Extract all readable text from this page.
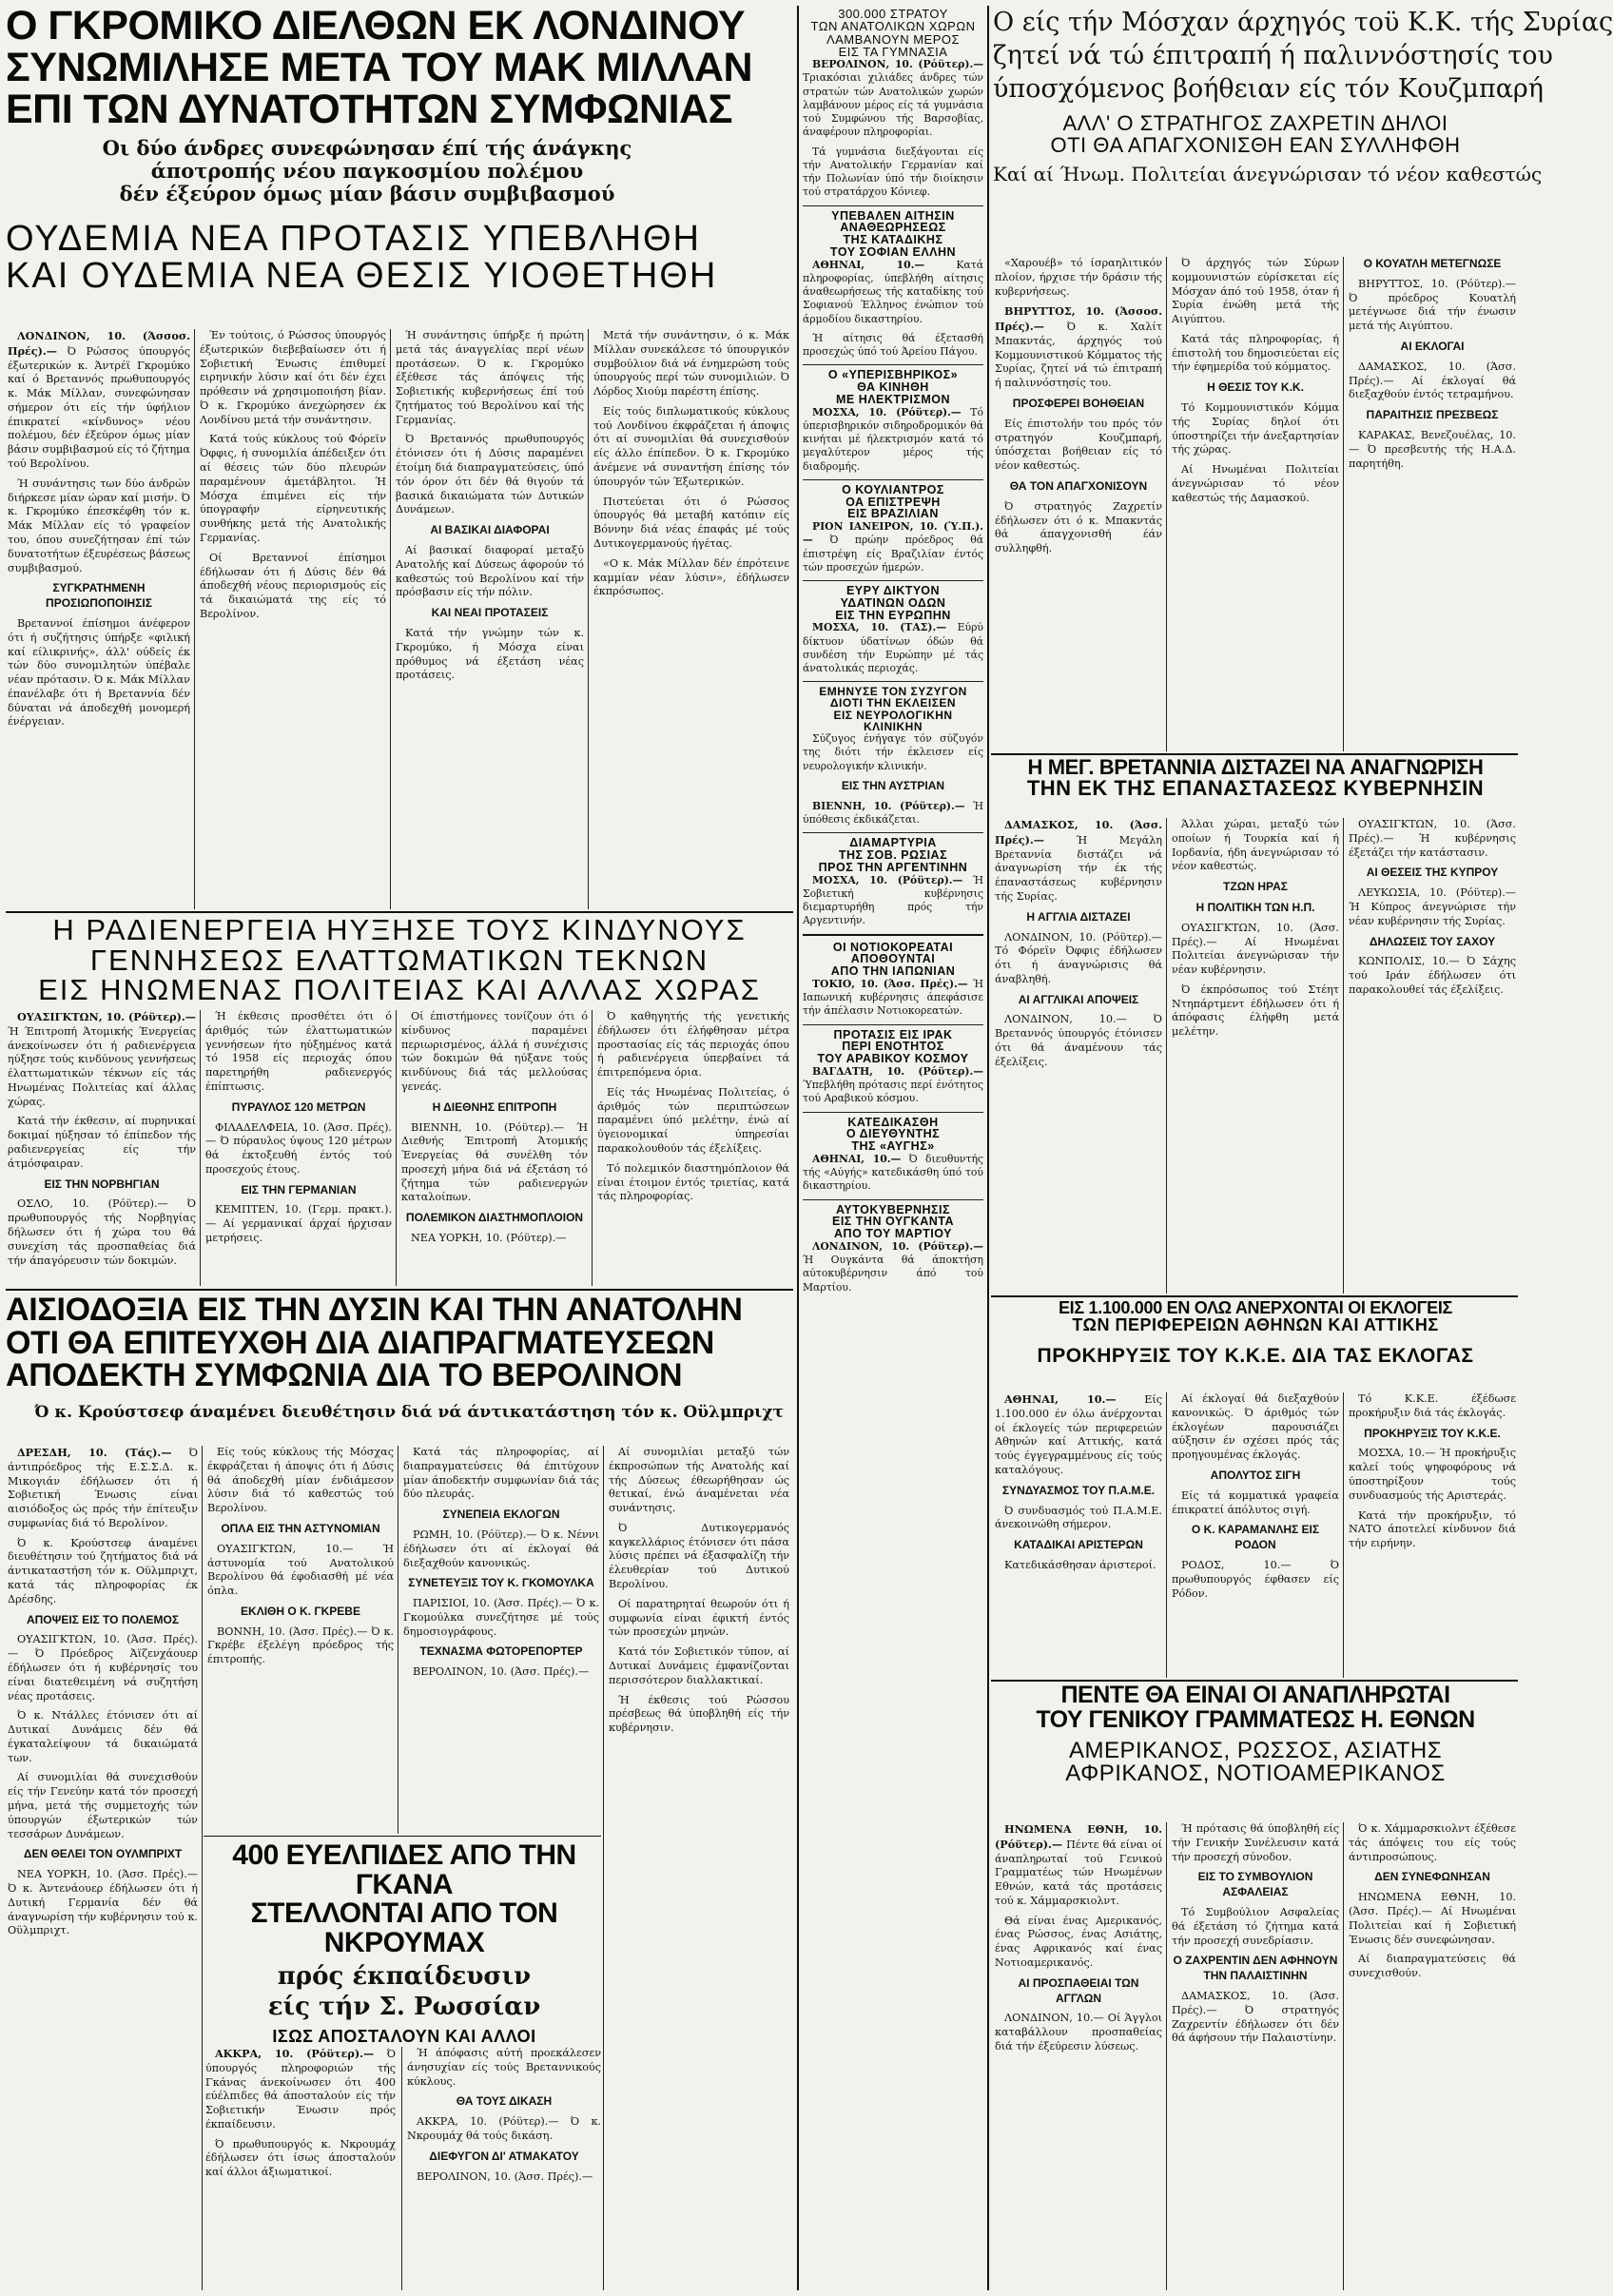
Ο ΓΚΡΟΜΙΚΟ ΔΙΕΛΘΩΝ ΕΚ ΛΟΝΔΙΝΟΥ
ΣΥΝΩΜΙΛΗΣΕ ΜΕΤΑ ΤΟΥ ΜΑΚ ΜΙΛΛΑΝ
ΕΠΙ ΤΩΝ ΔΥΝΑΤΟΤΗΤΩΝ ΣΥΜΦΩΝΙΑΣ

Οι δύο άνδρες συνεφώνησαν έπί τής άνάγκης

άποτροπής νέου παγκοσμίου πολέμου

δέν έξεύρον όμως μίαν βάσιν συμβιβασμού

ΟΥΔΕΜΙΑ ΝΕΑ ΠΡΟΤΑΣΙΣ ΥΠΕΒΛΗΘΗ
ΚΑΙ ΟΥΔΕΜΙΑ ΝΕΑ ΘΕΣΙΣ ΥΙΟΘΕΤΗΘΗ

ΛΟΝΔΙΝΟΝ, 10. (Άσσοσ. Πρές).— Ό Ρώσσος ύπουργός έξωτερικών κ. Άντρέϊ Γκρομύκο καί ό Βρεταννός πρωθυπουργός κ. Μάκ Μίλλαν, συνεφώνησαν σήμερον ότι είς τήν ύφήλιον έπικρατεί «κίνδυνος» νέου πολέμου, δέν έξεύρον όμως μίαν βάσιν συμβιβασμού είς τό ζήτημα τού Βερολίνου.

Ή συνάντησις των δύο άνδρών διήρκεσε μίαν ώραν καί μισήν. Ό κ. Γκρομύκο έπεσκέφθη τόν κ. Μάκ Μίλλαν είς τό γραφείον του, όπου συνεζήτησαν έπί τών δυνατοτήτων έξευρέσεως βάσεως συμβιβασμού.

ΣΥΓΚΡΑΤΗΜΕΝΗ ΠΡΟΣΙΩΠΟΠΟΙΗΣΙΣ

Βρεταννοί έπίσημοι άνέφερον ότι ή συζήτησις ύπήρξε «φιλική καί είλικρινής», άλλ' ούδείς έκ τών δύο συνομιλητών ύπέβαλε νέαν πρότασιν. Ό κ. Μάκ Μίλλαν έπανέλαβε ότι ή Βρεταννία δέν δύναται νά άποδεχθή μονομερή ένέργειαν.

Έν τούτοις, ό Ρώσσος ύπουργός έξωτερικών διεβεβαίωσεν ότι ή Σοβιετική Ένωσις έπιθυμεί ειρηνικήν λύσιν καί ότι δέν έχει πρόθεσιν νά χρησιμοποιήση βίαν. Ό κ. Γκρομύκο άνεχώρησεν έκ Λονδίνου μετά τήν συνάντησιν.

Κατά τούς κύκλους τού Φόρεϊν Όφφις, ή συνομιλία άπέδειξεν ότι αί θέσεις τών δύο πλευρών παραμένουν άμετάβλητοι. Ή Μόσχα έπιμένει είς τήν ύπογραφήν είρηνευτικής συνθήκης μετά τής Ανατολικής Γερμανίας.

Οί Βρεταννοί έπίσημοι έδήλωσαν ότι ή Δύσις δέν θά άποδεχθή νέους περιορισμούς είς τά δικαιώματά της είς τό Βερολίνον.

Ή συνάντησις ύπήρξε ή πρώτη μετά τάς άναγγελίας περί νέων προτάσεων. Ό κ. Γκρομύκο έξέθεσε τάς άπόψεις τής Σοβιετικής κυβερνήσεως έπί τού ζητήματος τού Βερολίνου καί τής Γερμανίας.

Ό Βρεταννός πρωθυπουργός έτόνισεν ότι ή Δύσις παραμένει έτοίμη διά διαπραγματεύσεις, ύπό τόν όρον ότι δέν θά θιγούν τά βασικά δικαιώματα τών Δυτικών Δυνάμεων.

ΑΙ ΒΑΣΙΚΑΙ ΔΙΑΦΟΡΑΙ

Αί βασικαί διαφοραί μεταξύ Ανατολής καί Δύσεως άφορούν τό καθεστώς τού Βερολίνου καί τήν πρόσβασιν είς τήν πόλιν.

ΚΑΙ ΝΕΑΙ ΠΡΟΤΑΣΕΙΣ

Κατά τήν γνώμην τών κ. Γκρομύκο, ή Μόσχα είναι πρόθυμος νά έξετάση νέας προτάσεις.

Μετά τήν συνάντησιν, ό κ. Μάκ Μίλλαν συνεκάλεσε τό ύπουργικόν συμβούλιον διά νά ένημερώση τούς ύπουργούς περί τών συνομιλιών. Ό Λόρδος Χιούμ παρέστη έπίσης.

Είς τούς διπλωματικούς κύκλους τού Λονδίνου έκφράζεται ή άποψις ότι αί συνομιλίαι θά συνεχισθούν είς άλλο έπίπεδον. Ό κ. Γκρομύκο άνέμενε νά συναντήση έπίσης τόν ύπουργόν τών Έξωτερικών.

Πιστεύεται ότι ό Ρώσσος ύπουργός θά μεταβή κατόπιν είς Βόννην διά νέας έπαφάς μέ τούς Δυτικογερμανούς ήγέτας.

«Ο κ. Μάκ Μίλλαν δέν έπρότεινε καμμίαν νέαν λύσιν», έδήλωσεν έκπρόσωπος.

Η ΡΑΔΙΕΝΕΡΓΕΙΑ ΗΥΞΗΣΕ ΤΟΥΣ ΚΙΝΔΥΝΟΥΣ
ΓΕΝΝΗΣΕΩΣ ΕΛΑΤΤΩΜΑΤΙΚΩΝ ΤΕΚΝΩΝ
ΕΙΣ ΗΝΩΜΕΝΑΣ ΠΟΛΙΤΕΙΑΣ ΚΑΙ ΑΛΛΑΣ ΧΩΡΑΣ

ΟΥΑΣΙΓΚΤΩΝ, 10. (Ρόϋτερ).— Ή Έπιτροπή Άτομικής Ένεργείας άνεκοίνωσεν ότι ή ραδιενέργεια ηύξησε τούς κινδύνους γεννήσεως έλαττωματικών τέκνων είς τάς Ηνωμένας Πολιτείας καί άλλας χώρας.

Κατά τήν έκθεσιν, αί πυρηνικαί δοκιμαί ηύξησαν τό έπίπεδον τής ραδιενεργείας είς τήν άτμόσφαιραν.

ΕΙΣ ΤΗΝ ΝΟΡΒΗΓΙΑΝ

ΟΣΛΟ, 10. (Ρόϋτερ).— Ό πρωθυπουργός τής Νορβηγίας δήλωσεν ότι ή χώρα του θά συνεχίση τάς προσπαθείας διά τήν άπαγόρευσιν τών δοκιμών.

Ή έκθεσις προσθέτει ότι ό άριθμός τών έλαττωματικών γεννήσεων ήτο ηύξημένος κατά τό 1958 είς περιοχάς όπου παρετηρήθη ραδιενεργός έπίπτωσις.

ΠΥΡΑΥΛΟΣ 120 ΜΕΤΡΩΝ

ΦΙΛΑΔΕΛΦΕΙΑ, 10. (Άσσ. Πρές).— Ό πύραυλος ύψους 120 μέτρων θά έκτοξευθή έντός τού προσεχούς έτους.

ΕΙΣ ΤΗΝ ΓΕΡΜΑΝΙΑΝ

ΚΕΜΠΤΕΝ, 10. (Γερμ. πρακτ.).— Αί γερμανικαί άρχαί ήρχισαν μετρήσεις.

Οί έπιστήμονες τονίζουν ότι ό κίνδυνος παραμένει περιωρισμένος, άλλά ή συνέχισις τών δοκιμών θά ηύξανε τούς κινδύνους διά τάς μελλούσας γενεάς.

Η ΔΙΕΘΝΗΣ ΕΠΙΤΡΟΠΗ

ΒΙΕΝΝΗ, 10. (Ρόϋτερ).— Ή Διεθνής Έπιτροπή Άτομικής Ένεργείας θά συνέλθη τόν προσεχή μήνα διά νά έξετάση τό ζήτημα τών ραδιενεργών καταλοίπων.

ΠΟΛΕΜΙΚΟΝ ΔΙΑΣΤΗΜΟΠΛΟΙΟΝ

ΝΕΑ ΥΟΡΚΗ, 10. (Ρόϋτερ).—

Ό καθηγητής τής γενετικής έδήλωσεν ότι έλήφθησαν μέτρα προστασίας είς τάς περιοχάς όπου ή ραδιενέργεια ύπερβαίνει τά έπιτρεπόμενα όρια.

Είς τάς Ηνωμένας Πολιτείας, ό άριθμός τών περιπτώσεων παραμένει ύπό μελέτην, ένώ αί ύγειονομικαί ύπηρεσίαι παρακολουθούν τάς έξελίξεις.

Τό πολεμικόν διαστημόπλοιον θά είναι έτοιμον έντός τριετίας, κατά τάς πληροφορίας.

ΑΙΣΙΟΔΟΞΙΑ ΕΙΣ ΤΗΝ ΔΥΣΙΝ ΚΑΙ ΤΗΝ ΑΝΑΤΟΛΗΝ
ΟΤΙ ΘΑ ΕΠΙΤΕΥΧΘΗ ΔΙΑ ΔΙΑΠΡΑΓΜΑΤΕΥΣΕΩΝ
ΑΠΟΔΕΚΤΗ ΣΥΜΦΩΝΙΑ ΔΙΑ ΤΟ ΒΕΡΟΛΙΝΟΝ

Ό κ. Κρούστσεφ άναμένει διευθέτησιν διά νά άντικατάστηση τόν κ. Οϋλμπριχτ

ΔΡΕΣΔΗ, 10. (Τάς).— Ό άντιπρόεδρος τής Ε.Σ.Σ.Δ. κ. Μικογιάν έδήλωσεν ότι ή Σοβιετική Ένωσις είναι αισιόδοξος ώς πρός τήν έπίτευξιν συμφωνίας διά τό Βερολίνον.

Ό κ. Κρούστσεφ άναμένει διευθέτησιν τού ζητήματος διά νά άντικαταστήση τόν κ. Οϋλμπριχτ, κατά τάς πληροφορίας έκ Δρέσδης.

ΑΠΟΨΕΙΣ ΕΙΣ ΤΟ ΠΟΛΕΜΟΣ

ΟΥΑΣΙΓΚΤΩΝ, 10. (Άσσ. Πρές).— Ό Πρόεδρος Άϊζενχάουερ έδήλωσεν ότι ή κυβέρνησίς του είναι διατεθειμένη νά συζητήση νέας προτάσεις.

Ό κ. Ντάλλες έτόνισεν ότι αί Δυτικαί Δυνάμεις δέν θά έγκαταλείψουν τά δικαιώματά των.

Αί συνομιλίαι θά συνεχισθούν είς τήν Γενεύην κατά τόν προσεχή μήνα, μετά τής συμμετοχής τών ύπουργών έξωτερικών τών τεσσάρων Δυνάμεων.

ΔΕΝ ΘΕΛΕΙ ΤΟΝ ΟΥΛΜΠΡΙΧΤ

ΝΕΑ ΥΟΡΚΗ, 10. (Άσσ. Πρές).— Ό κ. Άντενάουερ έδήλωσεν ότι ή Δυτική Γερμανία δέν θά άναγνωρίση τήν κυβέρνησιν τού κ. Οϋλμπριχτ.

Είς τούς κύκλους τής Μόσχας έκφράζεται ή άποψις ότι ή Δύσις θά άποδεχθή μίαν ένδιάμεσον λύσιν διά τό καθεστώς τού Βερολίνου.

ΟΠΛΑ ΕΙΣ ΤΗΝ ΑΣΤΥΝΟΜΙΑΝ

ΟΥΑΣΙΓΚΤΩΝ, 10.— Ή άστυνομία τού Ανατολικού Βερολίνου θά έφοδιασθή μέ νέα όπλα.

ΕΚΛΙΘΗ Ο Κ. ΓΚΡΕΒΕ

ΒΟΝΝΗ, 10. (Άσσ. Πρές).— Ό κ. Γκρέβε έξελέγη πρόεδρος τής έπιτροπής.

Κατά τάς πληροφορίας, αί διαπραγματεύσεις θά έπιτύχουν μίαν άποδεκτήν συμφωνίαν διά τάς δύο πλευράς.

ΣΥΝΕΠΕΙΑ ΕΚΛΟΓΩΝ

ΡΩΜΗ, 10. (Ρόϋτερ).— Ό κ. Νέννι έδήλωσεν ότι αί έκλογαί θά διεξαχθούν κανονικώς.

ΣΥΝΕΤΕΥΞΙΣ ΤΟΥ Κ. ΓΚΟΜΟΥΛΚΑ

ΠΑΡΙΣΙΟΙ, 10. (Άσσ. Πρές).— Ό κ. Γκομούλκα συνεζήτησε μέ τούς δημοσιογράφους.

ΤΕΧΝΑΣΜΑ ΦΩΤΟΡΕΠΟΡΤΕΡ

ΒΕΡΟΛΙΝΟΝ, 10. (Άσσ. Πρές).—

Αί συνομιλίαι μεταξύ τών έκπροσώπων τής Ανατολής καί τής Δύσεως έθεωρήθησαν ώς θετικαί, ένώ άναμένεται νέα συνάντησις.

Ό Δυτικογερμανός καγκελλάριος έτόνισεν ότι πάσα λύσις πρέπει νά έξασφαλίζη τήν έλευθερίαν τού Δυτικού Βερολίνου.

Οί παρατηρηταί θεωρούν ότι ή συμφωνία είναι έφικτή έντός τών προσεχών μηνών.

Κατά τόν Σοβιετικόν τύπον, αί Δυτικαί Δυνάμεις έμφανίζονται περισσότερον διαλλακτικαί.

Ή έκθεσις τού Ρώσσου πρέσβεως θά ύποβληθή είς τήν κυβέρνησιν.

400 ΕΥΕΛΠΙΔΕΣ ΑΠΟ ΤΗΝ ΓΚΑΝΑ
ΣΤΕΛΛΟΝΤΑΙ ΑΠΟ ΤΟΝ ΝΚΡΟΥΜΑΧ

πρός έκπαίδευσιν

είς τήν Σ. Ρωσσίαν

ΙΣΩΣ ΑΠΟΣΤΑΛΟΥΝ ΚΑΙ ΑΛΛΟΙ

ΑΚΚΡΑ, 10. (Ρόϋτερ).— Ό ύπουργός πληροφοριών τής Γκάνας άνεκοίνωσεν ότι 400 εύέλπιδες θά άποσταλούν είς τήν Σοβιετικήν Ένωσιν πρός έκπαίδευσιν.

Ό πρωθυπουργός κ. Νκρουμάχ έδήλωσεν ότι ίσως άποσταλούν καί άλλοι άξιωματικοί.

Ή άπόφασις αύτή προεκάλεσεν άνησυχίαν είς τούς Βρεταννικούς κύκλους.

ΘΑ ΤΟΥΣ ΔΙΚΑΣΗ

ΑΚΚΡΑ, 10. (Ρόϋτερ).— Ό κ. Νκρουμάχ θά τούς δικάση.

ΔΙΕΦΥΓΟΝ ΔΙ' ΑΤΜΑΚΑΤΟΥ

ΒΕΡΟΛΙΝΟΝ, 10. (Άσσ. Πρές).—

300.000 ΣΤΡΑΤΟΥ
ΤΩΝ ΑΝΑΤΟΛΙΚΩΝ ΧΩΡΩΝ
ΛΑΜΒΑΝΟΥΝ ΜΕΡΟΣ
ΕΙΣ ΤΑ ΓΥΜΝΑΣΙΑ

ΒΕΡΟΛΙΝΟΝ, 10. (Ρόϋτερ).— Τριακόσιαι χιλιάδες άνδρες τών στρατών τών Ανατολικών χωρών λαμβάνουν μέρος είς τά γυμνάσια τού Συμφώνου τής Βαρσοβίας, άναφέρουν πληροφορίαι.

Τά γυμνάσια διεξάγονται είς τήν Ανατολικήν Γερμανίαν καί τήν Πολωνίαν ύπό τήν διοίκησιν τού στρατάρχου Κόνιεφ.

ΥΠΕΒΑΛΕΝ ΑΙΤΗΣΙΝ
ΑΝΑΘΕΩΡΗΣΕΩΣ
ΤΗΣ ΚΑΤΑΔΙΚΗΣ
ΤΟΥ ΣΟΦΙΑΝ ΕΛΛΗΝ

ΑΘΗΝΑΙ, 10.— Κατά πληροφορίας, ύπεβλήθη αίτησις άναθεωρήσεως τής καταδίκης τού Σοφιανού Έλληνος ένώπιον τού άρμοδίου δικαστηρίου.

Ή αίτησις θά έξετασθή προσεχώς ύπό τού Άρείου Πάγου.

Ο «ΥΠΕΡΙΣΒΗΡΙΚΟΣ»
ΘΑ ΚΙΝΗΘΗ
ΜΕ ΗΛΕΚΤΡΙΣΜΟΝ

ΜΟΣΧΑ, 10. (Ρόϋτερ).— Τό ύπερισβηρικόν σιδηροδρομικόν θά κινήται μέ ήλεκτρισμόν κατά τό μεγαλύτερον μέρος τής διαδρομής.

Ο ΚΟΥΛΙΑΝΤΡΟΣ
ΟΑ ΕΠΙΣΤΡΕΨΗ
ΕΙΣ ΒΡΑΖΙΛΙΑΝ

ΡΙΟΝ ΙΑΝΕΙΡΟΝ, 10. (Ύ.Π.).— Ό πρώην πρόεδρος θά έπιστρέψη είς Βραζιλίαν έντός τών προσεχών ήμερών.

ΕΥΡΥ ΔΙΚΤΥΟΝ
ΥΔΑΤΙΝΩΝ ΟΔΩΝ
ΕΙΣ ΤΗΝ ΕΥΡΩΠΗΝ

ΜΟΣΧΑ, 10. (ΤΑΣ).— Εύρύ δίκτυον ύδατίνων όδών θά συνδέση τήν Ευρώπην μέ τάς άνατολικάς περιοχάς.

ΕΜΗΝΥΣΕ ΤΟΝ ΣΥΖΥΓΟΝ
ΔΙΟΤΙ ΤΗΝ ΕΚΛΕΙΣΕΝ
ΕΙΣ ΝΕΥΡΟΛΟΓΙΚΗΝ ΚΛΙΝΙΚΗΝ

Σύζυγος ένήγαγε τόν σύζυγόν της διότι τήν έκλεισεν είς νευρολογικήν κλινικήν.

ΕΙΣ ΤΗΝ ΑΥΣΤΡΙΑΝ

ΒΙΕΝΝΗ, 10. (Ρόϋτερ).— Ή ύπόθεσις έκδικάζεται.

ΔΙΑΜΑΡΤΥΡΙΑ
ΤΗΣ ΣΟΒ. ΡΩΣΙΑΣ
ΠΡΟΣ ΤΗΝ ΑΡΓΕΝΤΙΝΗΝ

ΜΟΣΧΑ, 10. (Ρόϋτερ).— Ή Σοβιετική κυβέρνησις διεμαρτυρήθη πρός τήν Αργεντινήν.

ΟΙ ΝΟΤΙΟΚΟΡΕΑΤΑΙ
ΑΠΟΘΟΥΝΤΑΙ
ΑΠΟ ΤΗΝ ΙΑΠΩΝΙΑΝ

ΤΟΚΙΟ, 10. (Άσσ. Πρές).— Ή Ιαπωνική κυβέρνησις άπεφάσισε τήν άπέλασιν Νοτιοκορεατών.

ΠΡΟΤΑΣΙΣ ΕΙΣ ΙΡΑΚ
ΠΕΡΙ ΕΝΟΤΗΤΟΣ
ΤΟΥ ΑΡΑΒΙΚΟΥ ΚΟΣΜΟΥ

ΒΑΓΔΑΤΗ, 10. (Ρόϋτερ).— Ύπεβλήθη πρότασις περί ένότητος τού Αραβικού κόσμου.

ΚΑΤΕΔΙΚΑΣΘΗ
Ο ΔΙΕΥΘΥΝΤΗΣ
ΤΗΣ «ΑΥΓΗΣ»

ΑΘΗΝΑΙ, 10.— Ό διευθυντής τής «Αύγής» κατεδικάσθη ύπό τού δικαστηρίου.

ΑΥΤΟΚΥΒΕΡΝΗΣΙΣ
ΕΙΣ ΤΗΝ ΟΥΓΚΑΝΤΑ
ΑΠΟ ΤΟΥ ΜΑΡΤΙΟΥ

ΛΟΝΔΙΝΟΝ, 10. (Ρόϋτερ).— Ή Ουγκάντα θά άποκτήση αύτοκυβέρνησιν άπό τού Μαρτίου.

Ο είς τήν Μόσχαν άρχηγός τοϋ Κ.Κ. τής Συρίας

ζητεί νά τώ έπιτραπή ή παλιννόστησίς του

ύποσχόμενος βοήθειαν είς τόν Κουζμπαρή

ΑΛΛ' Ο ΣΤΡΑΤΗΓΟΣ ΖΑΧΡΕΤΙΝ ΔΗΛΟΙ

ΟΤΙ ΘΑ ΑΠΑΓΧΟΝΙΣΘΗ ΕΑΝ ΣΥΛΛΗΦΘΗ

Καί αί Ήνωμ. Πολιτείαι άνεγνώρισαν τό νέον καθεστώς

«Χαρουέβ» τό ίσραηλιτικόν πλοίον, ήρχισε τήν δράσιν τής κυβερνήσεως.

ΒΗΡΥΤΤΟΣ, 10. (Άσσοσ. Πρές).— Ό κ. Χαλίτ Μπακντάς, άρχηγός τού Κομμουνιστικού Κόμματος τής Συρίας, ζητεί νά τώ έπιτραπή ή παλιννόστησίς του.

ΠΡΟΣΦΕΡΕΙ ΒΟΗΘΕΙΑΝ

Είς έπιστολήν του πρός τόν στρατηγόν Κουζμπαρή, ύπόσχεται βοήθειαν είς τό νέον καθεστώς.

ΘΑ ΤΟΝ ΑΠΑΓΧΟΝΙΣΟΥΝ

Ό στρατηγός Ζαχρετίν έδήλωσεν ότι ό κ. Μπακντάς θά άπαγχονισθή έάν συλληφθή.

Ό άρχηγός τών Σύρων κομμουνιστών εύρίσκεται είς Μόσχαν άπό τού 1958, όταν ή Συρία ένώθη μετά τής Αιγύπτου.

Κατά τάς πληροφορίας, ή έπιστολή του δημοσιεύεται είς τήν έφημερίδα τού κόμματος.

Η ΘΕΣΙΣ ΤΟΥ Κ.Κ.

Τό Κομμουνιστικόν Κόμμα τής Συρίας δηλοί ότι ύποστηρίζει τήν άνεξαρτησίαν τής χώρας.

Αί Ηνωμέναι Πολιτείαι άνεγνώρισαν τό νέον καθεστώς τής Δαμασκού.

Ο ΚΟΥΑΤΛΗ ΜΕΤΕΓΝΩΣΕ

ΒΗΡΥΤΤΟΣ, 10. (Ρόϋτερ).— Ό πρόεδρος Κουατλή μετέγνωσε διά τήν ένωσιν μετά τής Αιγύπτου.

ΑΙ ΕΚΛΟΓΑΙ

ΔΑΜΑΣΚΟΣ, 10. (Άσσ. Πρές).— Αί έκλογαί θά διεξαχθούν έντός τετραμήνου.

ΠΑΡΑΙΤΗΣΙΣ ΠΡΕΣΒΕΩΣ

ΚΑΡΑΚΑΣ, Βενεζουέλας, 10.— Ό πρεσβευτής τής Η.Α.Δ. παρητήθη.

Η ΜΕΓ. ΒΡΕΤΑΝΝΙΑ ΔΙΣΤΑΖΕΙ ΝΑ ΑΝΑΓΝΩΡΙΣΗ

ΤΗΝ ΕΚ ΤΗΣ ΕΠΑΝΑΣΤΑΣΕΩΣ ΚΥΒΕΡΝΗΣΙΝ

ΔΑΜΑΣΚΟΣ, 10. (Άσσ. Πρές).— Ή Μεγάλη Βρεταννία διστάζει νά άναγνωρίση τήν έκ τής έπαναστάσεως κυβέρνησιν τής Συρίας.

Η ΑΓΓΛΙΑ ΔΙΣΤΑΖΕΙ

ΛΟΝΔΙΝΟΝ, 10. (Ρόϋτερ).— Τό Φόρεϊν Όφφις έδήλωσεν ότι ή άναγνώρισις θά άναβληθή.

ΑΙ ΑΓΓΛΙΚΑΙ ΑΠΟΨΕΙΣ

ΛΟΝΔΙΝΟΝ, 10.— Ό Βρεταννός ύπουργός έτόνισεν ότι θά άναμένουν τάς έξελίξεις.

Άλλαι χώραι, μεταξύ τών οποίων ή Τουρκία καί ή Ιορδανία, ήδη άνεγνώρισαν τό νέον καθεστώς.

ΤΖΩΝ ΗΡΑΣ

Η ΠΟΛΙΤΙΚΗ ΤΩΝ Η.Π.

ΟΥΑΣΙΓΚΤΩΝ, 10. (Άσσ. Πρές).— Αί Ηνωμέναι Πολιτείαι άνεγνώρισαν τήν νέαν κυβέρνησιν.

Ό έκπρόσωπος τού Στέητ Ντηπάρτμεντ έδήλωσεν ότι ή άπόφασις έλήφθη μετά μελέτην.

ΟΥΑΣΙΓΚΤΩΝ, 10. (Άσσ. Πρές).— Ή κυβέρνησις έξετάζει τήν κατάστασιν.

ΑΙ ΘΕΣΕΙΣ ΤΗΣ ΚΥΠΡΟΥ

ΛΕΥΚΩΣΙΑ, 10. (Ρόϋτερ).— Ή Κύπρος άνεγνώρισε τήν νέαν κυβέρνησιν τής Συρίας.

ΔΗΛΩΣΕΙΣ ΤΟΥ ΣΑΧΟΥ

ΚΩΝΠΟΛΙΣ, 10.— Ό Σάχης τού Ιράν έδήλωσεν ότι παρακολουθεί τάς έξελίξεις.

ΕΙΣ 1.100.000 ΕΝ ΟΛΩ ΑΝΕΡΧΟΝΤΑΙ ΟΙ ΕΚΛΟΓΕΙΣ

ΤΩΝ ΠΕΡΙΦΕΡΕΙΩΝ ΑΘΗΝΩΝ ΚΑΙ ΑΤΤΙΚΗΣ

ΠΡΟΚΗΡΥΞΙΣ ΤΟΥ Κ.Κ.Ε. ΔΙΑ ΤΑΣ ΕΚΛΟΓΑΣ

ΑΘΗΝΑΙ, 10.— Είς 1.100.000 έν όλω άνέρχονται οί έκλογείς τών περιφερειών Αθηνών καί Αττικής, κατά τούς έγγεγραμμένους είς τούς καταλόγους.

ΣΥΝΔΥΑΣΜΟΣ ΤΟΥ Π.Α.Μ.Ε.

Ό συνδυασμός τού Π.Α.Μ.Ε. άνεκοινώθη σήμερον.

ΚΑΤΑΔΙΚΑΙ ΑΡΙΣΤΕΡΩΝ

Κατεδικάσθησαν άριστεροί.

Αί έκλογαί θά διεξαχθούν κανονικώς. Ό άριθμός τών έκλογέων παρουσιάζει αύξησιν έν σχέσει πρός τάς προηγουμένας έκλογάς.

ΑΠΟΛΥΤΟΣ ΣΙΓΗ

Είς τά κομματικά γραφεία έπικρατεί άπόλυτος σιγή.

Ο Κ. ΚΑΡΑΜΑΝΛΗΣ ΕΙΣ ΡΟΔΟΝ

ΡΟΔΟΣ, 10.— Ό πρωθυπουργός έφθασεν είς Ρόδον.

Τό Κ.Κ.Ε. έξέδωσε προκήρυξιν διά τάς έκλογάς.

ΠΡΟΚΗΡΥΞΙΣ ΤΟΥ Κ.Κ.Ε.

ΜΟΣΧΑ, 10.— Ή προκήρυξις καλεί τούς ψηφοφόρους νά ύποστηρίξουν τούς συνδυασμούς τής Αριστεράς.

Κατά τήν προκήρυξιν, τό ΝΑΤΟ άποτελεί κίνδυνον διά τήν ειρήνην.

ΠΕΝΤΕ ΘΑ ΕΙΝΑΙ ΟΙ ΑΝΑΠΛΗΡΩΤΑΙ

ΤΟΥ ΓΕΝΙΚΟΥ ΓΡΑΜΜΑΤΕΩΣ Η. ΕΘΝΩΝ

ΑΜΕΡΙΚΑΝΟΣ, ΡΩΣΣΟΣ, ΑΣΙΑΤΗΣ

ΑΦΡΙΚΑΝΟΣ, ΝΟΤΙΟΑΜΕΡΙΚΑΝΟΣ

ΗΝΩΜΕΝΑ ΕΘΝΗ, 10. (Ρόϋτερ).— Πέντε θά είναι οί άναπληρωταί τού Γενικού Γραμματέως τών Ηνωμένων Εθνών, κατά τάς προτάσεις τού κ. Χάμμαρσκιολντ.

Θά είναι ένας Αμερικανός, ένας Ρώσσος, ένας Ασιάτης, ένας Αφρικανός καί ένας Νοτιοαμερικανός.

ΑΙ ΠΡΟΣΠΑΘΕΙΑΙ ΤΩΝ ΑΓΓΛΩΝ

ΛΟΝΔΙΝΟΝ, 10.— Οί Άγγλοι καταβάλλουν προσπαθείας διά τήν έξεύρεσιν λύσεως.

Ή πρότασις θά ύποβληθή είς τήν Γενικήν Συνέλευσιν κατά τήν προσεχή σύνοδον.

ΕΙΣ ΤΟ ΣΥΜΒΟΥΛΙΟΝ ΑΣΦΑΛΕΙΑΣ

Τό Συμβούλιον Ασφαλείας θά έξετάση τό ζήτημα κατά τήν προσεχή συνεδρίασιν.

Ο ΖΑΧΡΕΝΤΙΝ ΔΕΝ ΑΦΗΝΟΥΝ ΤΗΝ ΠΑΛΑΙΣΤΙΝΗΝ

ΔΑΜΑΣΚΟΣ, 10. (Άσσ. Πρές).— Ό στρατηγός Ζαχρεντίν έδήλωσεν ότι δέν θά άφήσουν τήν Παλαιστίνην.

Ό κ. Χάμμαρσκιολντ έξέθεσε τάς άπόψεις του είς τούς άντιπροσώπους.

ΔΕΝ ΣΥΝΕΦΩΝΗΣΑΝ

ΗΝΩΜΕΝΑ ΕΘΝΗ, 10. (Άσσ. Πρές).— Αί Ηνωμέναι Πολιτείαι καί ή Σοβιετική Ένωσις δέν συνεφώνησαν.

Αί διαπραγματεύσεις θά συνεχισθούν.
